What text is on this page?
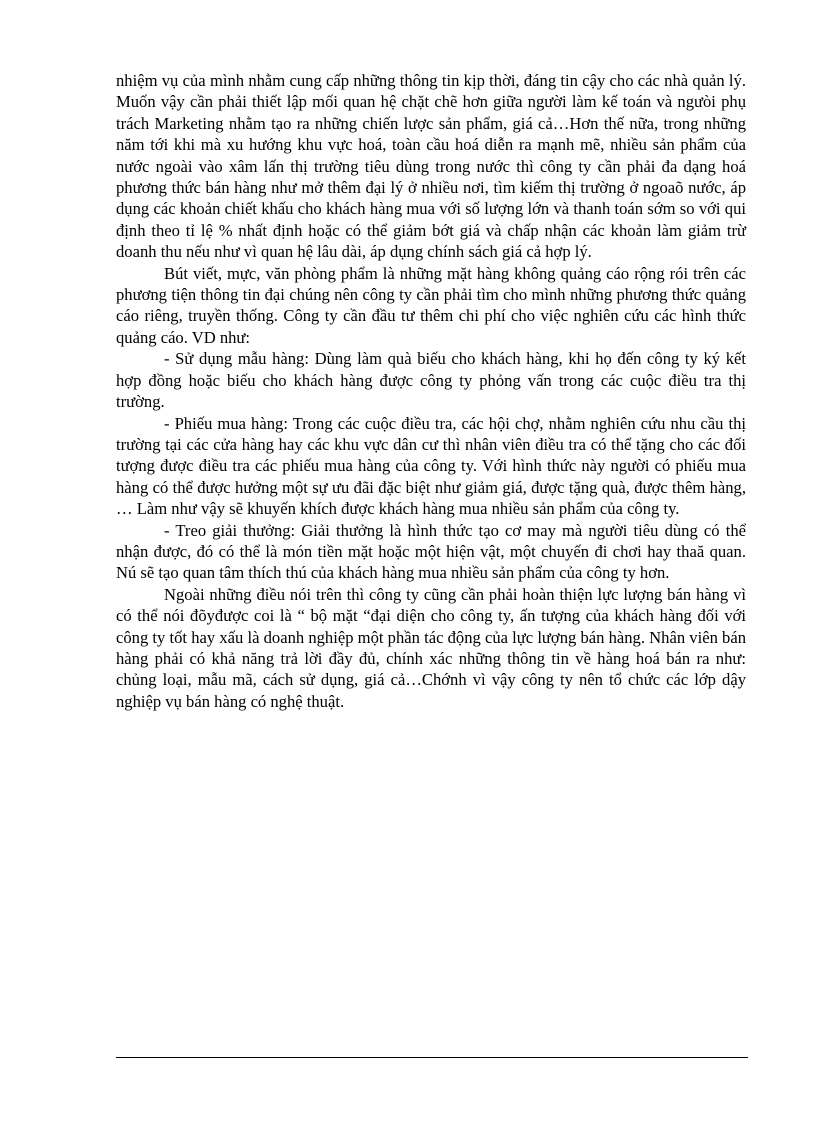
nhiệm vụ của mình nhằm cung cấp những thông tin kịp thời, đáng tin cậy cho các nhà quản lý. Muốn vậy cần phải thiết lập mối quan hệ chặt chẽ hơn giữa người làm kế toán và ngưòi phụ trách Marketing nhằm tạo ra những chiến lược sản phẩm, giá cả…Hơn thế nữa, trong những năm tới khi mà xu hướng khu vực hoá, toàn cầu hoá diễn ra mạnh mẽ, nhiều sản phẩm của nước ngoài vào xâm lấn thị trường tiêu dùng trong nước thì công ty cần phải đa dạng hoá phương thức bán hàng như mở thêm đại lý ở nhiều nơi, tìm kiếm thị trường ở ngoaõ nước, áp dụng các khoản chiết khấu cho khách hàng mua với số lượng lớn và thanh toán sớm so với qui định theo tỉ lệ % nhất định hoặc có thể giảm bớt giá và chấp nhận các khoản làm giảm trừ doanh thu nếu như vì quan hệ lâu dài, áp dụng chính sách giá cả hợp lý.

Bút viết, mực, văn phòng phẩm là những mặt hàng không quảng cáo rộng rói trên các phương tiện thông tin đại chúng nên công ty cần phải tìm cho mình những phương thức quảng cáo riêng, truyền thống. Công ty cần đầu tư thêm chi phí cho việc nghiên cứu các hình thức quảng cáo. VD như:

- Sử dụng mẫu hàng: Dùng làm quà biếu cho khách hàng, khi họ đến công ty ký kết hợp đồng hoặc biếu cho khách hàng được công ty phỏng vấn trong các cuộc điều tra thị trường.

- Phiếu mua hàng: Trong các cuộc điều tra, các hội chợ, nhằm nghiên cứu nhu cầu thị trường tại các cửa hàng hay các khu vực dân cư thì nhân viên điều tra có thể tặng cho các đối tượng được điều tra các phiếu mua hàng của công ty. Với hình thức này người có phiếu mua hàng có thể được hưởng một sự ưu đãi đặc biệt như giảm giá, được tặng quà, được thêm hàng, … Làm như vậy sẽ khuyến khích được khách hàng mua nhiều sản phẩm của công ty.

- Treo giải thưởng: Giải thưởng là hình thức tạo cơ may mà người tiêu dùng có thể nhận được, đó có thể là món tiền mặt hoặc một hiện vật, một chuyến đi chơi hay thaă quan. Nú sẽ tạo quan tâm thích thú của khách hàng mua nhiều sản phẩm của công ty hơn.

Ngoài những điều nói trên thì công ty cũng cần phải hoàn thiện lực lượng bán hàng vì có thể nói đõyđược coi là “ bộ mặt “đại diện cho công ty, ấn tượng của khách hàng đối với công ty tốt hay xấu là doanh nghiệp một phần tác động của lực lượng bán hàng. Nhân viên bán hàng phải có khả năng trả lời đầy đủ, chính xác những thông tin về hàng hoá bán ra như: chủng loại, mẫu mã, cách sử dụng, giá cả…Chớnh vì vậy công ty nên tổ chức các lớp dậy nghiệp vụ bán hàng có nghệ thuật.
